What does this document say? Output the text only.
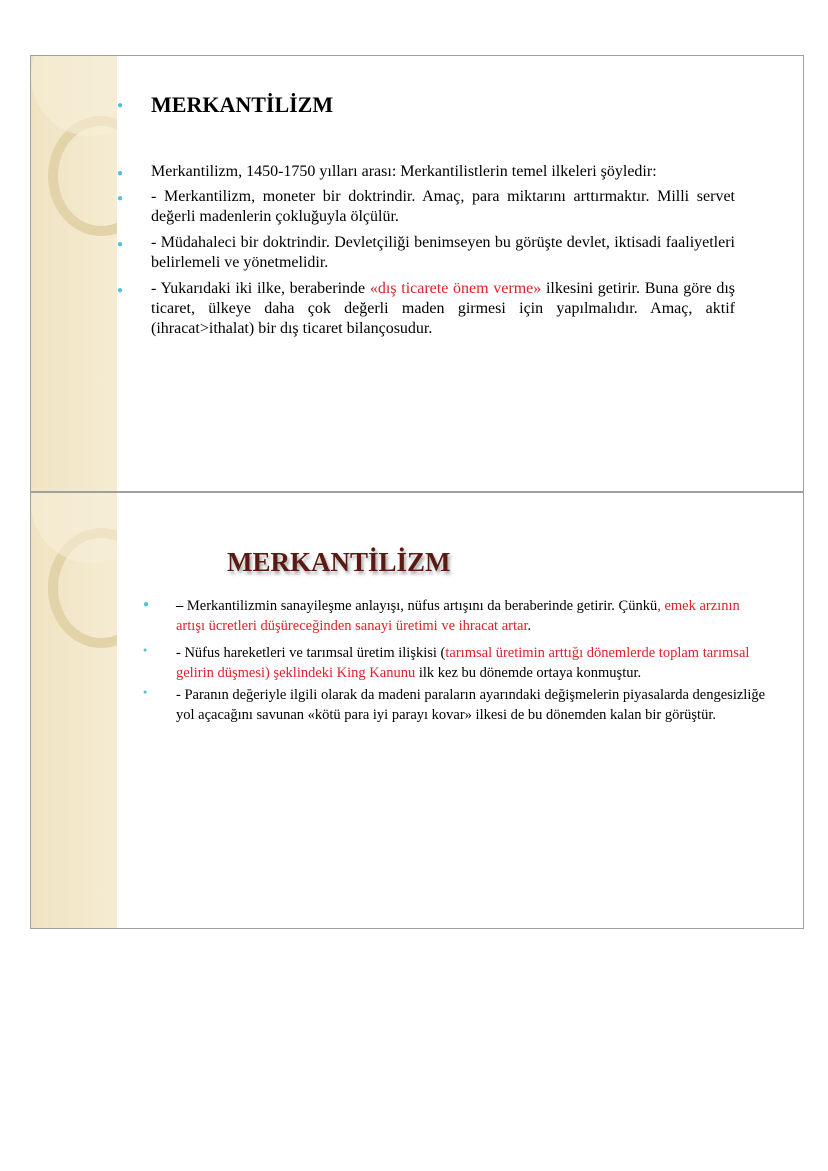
● MERKANTİLİZM
● Merkantilizm, 1450-1750 yılları arası: Merkantilistlerin temel ilkeleri şöyledir:
● - Merkantilizm, moneter bir doktrindir. Amaç, para miktarını arttırmaktır. Milli servet değerli madenlerin çokluğuyla ölçülür.
● - Müdahaleci bir doktrindir. Devletçiliği benimseyen bu görüşte devlet, iktisadi faaliyetleri belirlemeli ve yönetmelidir.
● - Yukarıdaki iki ilke, beraberinde «dış ticarete önem verme» ilkesini getirir. Buna göre dış ticaret, ülkeye daha çok değerli maden girmesi için yapılmalıdır. Amaç, aktif (ihracat>ithalat) bir dış ticaret bilançosudur.
MERKANTİLİZM
● – Merkantilizmin sanayileşme anlayışı, nüfus artışını da beraberinde getirir. Çünkü, emek arzının artışı ücretleri düşüreceğinden sanayi üretimi ve ihracat artar.
● - Nüfus hareketleri ve tarımsal üretim ilişkisi (tarımsal üretimin arttığı dönemlerde toplam tarımsal gelirin düşmesi) şeklindeki King Kanunu ilk kez bu dönemde ortaya konmuştur.
● - Paranın değeriyle ilgili olarak da madeni paraların ayarındaki değişmelerin piyasalarda dengesizliğe yol açacağını savunan «kötü para iyi parayı kovar» ilkesi de bu dönemden kalan bir görüştür.
